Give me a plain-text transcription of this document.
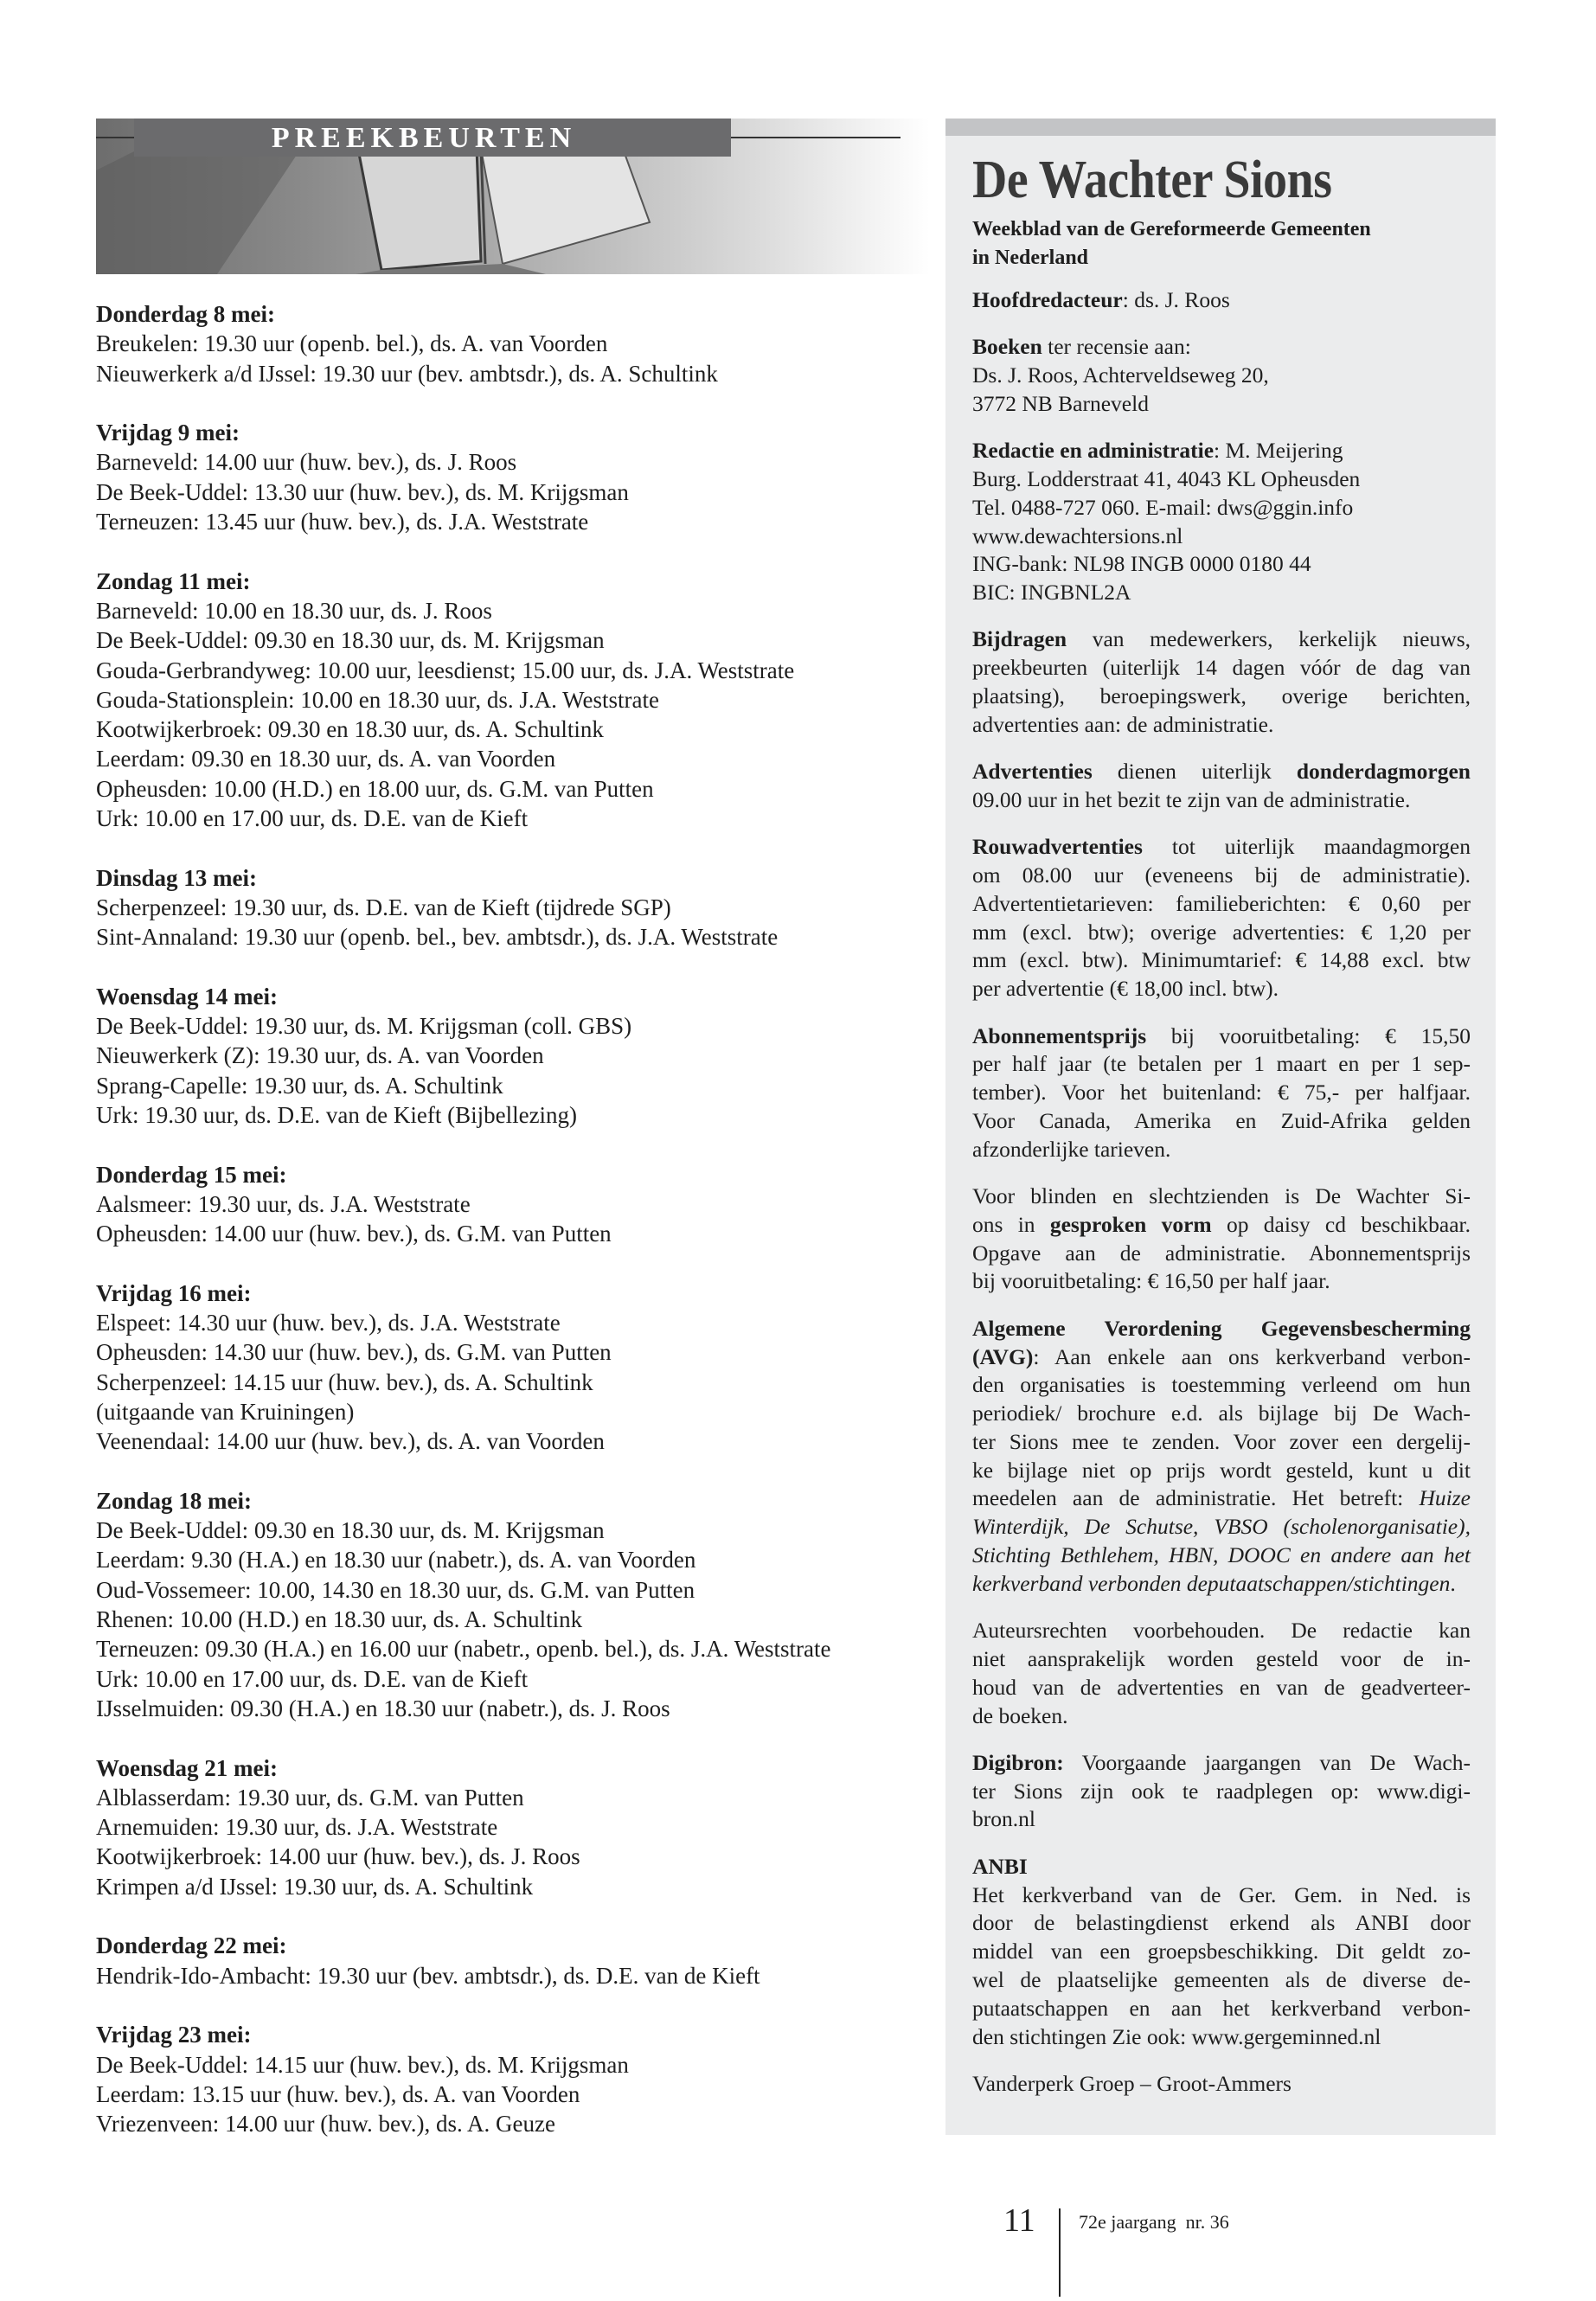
PREEKBEURTEN
Donderdag 8 mei:
Breukelen: 19.30 uur (openb. bel.), ds. A. van Voorden
Nieuwerkerk a/d IJssel: 19.30 uur (bev. ambtsdr.), ds. A. Schultink
Vrijdag 9 mei:
Barneveld: 14.00 uur (huw. bev.), ds. J. Roos
De Beek-Uddel: 13.30 uur (huw. bev.), ds. M. Krijgsman
Terneuzen: 13.45 uur (huw. bev.), ds. J.A. Weststrate
Zondag 11 mei:
Barneveld: 10.00 en 18.30 uur, ds. J. Roos
De Beek-Uddel: 09.30 en 18.30 uur, ds. M. Krijgsman
Gouda-Gerbrandyweg: 10.00 uur, leesdienst; 15.00 uur, ds. J.A. Weststrate
Gouda-Stationsplein: 10.00 en 18.30 uur, ds. J.A. Weststrate
Kootwijkerbroek: 09.30 en 18.30 uur, ds. A. Schultink
Leerdam: 09.30 en 18.30 uur, ds. A. van Voorden
Opheusden: 10.00 (H.D.) en 18.00 uur, ds. G.M. van Putten
Urk: 10.00 en 17.00 uur, ds. D.E. van de Kieft
Dinsdag 13 mei:
Scherpenzeel: 19.30 uur, ds. D.E. van de Kieft (tijdrede SGP)
Sint-Annaland: 19.30 uur (openb. bel., bev. ambtsdr.), ds. J.A. Weststrate
Woensdag 14 mei:
De Beek-Uddel: 19.30 uur, ds. M. Krijgsman (coll. GBS)
Nieuwerkerk (Z): 19.30 uur, ds. A. van Voorden
Sprang-Capelle: 19.30 uur, ds. A. Schultink
Urk: 19.30 uur, ds. D.E. van de Kieft (Bijbellezing)
Donderdag 15 mei:
Aalsmeer: 19.30 uur, ds. J.A. Weststrate
Opheusden: 14.00 uur (huw. bev.), ds. G.M. van Putten
Vrijdag 16 mei:
Elspeet: 14.30 uur (huw. bev.), ds. J.A. Weststrate
Opheusden: 14.30 uur (huw. bev.), ds. G.M. van Putten
Scherpenzeel: 14.15 uur (huw. bev.), ds. A. Schultink
(uitgaande van Kruiningen)
Veenendaal: 14.00 uur (huw. bev.), ds. A. van Voorden
Zondag 18 mei:
De Beek-Uddel: 09.30 en 18.30 uur, ds. M. Krijgsman
Leerdam: 9.30 (H.A.) en 18.30 uur (nabetr.), ds. A. van Voorden
Oud-Vossemeer: 10.00, 14.30 en 18.30 uur, ds. G.M. van Putten
Rhenen: 10.00 (H.D.) en 18.30 uur, ds. A. Schultink
Terneuzen: 09.30 (H.A.) en 16.00 uur (nabetr., openb. bel.), ds. J.A. Weststrate
Urk: 10.00 en 17.00 uur, ds. D.E. van de Kieft
IJsselmuiden: 09.30 (H.A.) en 18.30 uur (nabetr.), ds. J. Roos
Woensdag 21 mei:
Alblasserdam: 19.30 uur, ds. G.M. van Putten
Arnemuiden: 19.30 uur, ds. J.A. Weststrate
Kootwijkerbroek: 14.00 uur (huw. bev.), ds. J. Roos
Krimpen a/d IJssel: 19.30 uur, ds. A. Schultink
Donderdag 22 mei:
Hendrik-Ido-Ambacht: 19.30 uur (bev. ambtsdr.), ds. D.E. van de Kieft
Vrijdag 23 mei:
De Beek-Uddel: 14.15 uur (huw. bev.), ds. M. Krijgsman
Leerdam: 13.15 uur (huw. bev.), ds. A. van Voorden
Vriezenveen: 14.00 uur (huw. bev.), ds. A. Geuze
De Wachter Sions
Weekblad van de Gereformeerde Gemeenten
in Nederland
Hoofdredacteur: ds. J. Roos
Boeken ter recensie aan:
Ds. J. Roos, Achterveldseweg 20,
3772 NB Barneveld
Redactie en administratie: M. Meijering
Burg. Lodderstraat 41, 4043 KL Opheusden
Tel. 0488-727 060. E-mail: dws@ggin.info
www.dewachtersions.nl
ING-bank: NL98 INGB 0000 0180 44
BIC: INGBNL2A
Bijdragen van medewerkers, kerkelijk nieuws,
preekbeurten (uiterlijk 14 dagen vóór de dag van
plaatsing), beroepingswerk, overige berichten,
advertenties aan: de administratie.
Advertenties dienen uiterlijk donderdagmorgen
09.00 uur in het bezit te zijn van de administratie.
Rouwadvertenties tot uiterlijk maandagmorgen
om 08.00 uur (eveneens bij de administratie).
Advertentietarieven: familieberichten: € 0,60 per
mm (excl. btw); overige advertenties: € 1,20 per
mm (excl. btw). Minimumtarief: € 14,88 excl. btw
per advertentie (€ 18,00 incl. btw).
Abonnementsprijs bij vooruitbetaling: € 15,50
per half jaar (te betalen per 1 maart en per 1 sep-
tember). Voor het buitenland: € 75,- per halfjaar.
Voor Canada, Amerika en Zuid-Afrika gelden
afzonderlijke tarieven.
Voor blinden en slechtzienden is De Wachter Si-
ons in gesproken vorm op daisy cd beschikbaar.
Opgave aan de administratie. Abonnementsprijs
bij vooruitbetaling: € 16,50 per half jaar.
Algemene Verordening Gegevensbescherming
(AVG): Aan enkele aan ons kerkverband verbon-
den organisaties is toestemming verleend om hun
periodiek/ brochure e.d. als bijlage bij De Wach-
ter Sions mee te zenden. Voor zover een dergelij-
ke bijlage niet op prijs wordt gesteld, kunt u dit
meedelen aan de administratie. Het betreft: Huize
Winterdijk, De Schutse, VBSO (scholenorganisatie),
Stichting Bethlehem, HBN, DOOC en andere aan het
kerkverband verbonden deputaatschappen/stichtingen.
Auteursrechten voorbehouden. De redactie kan
niet aansprakelijk worden gesteld voor de in-
houd van de advertenties en van de geadverteer-
de boeken.
Digibron: Voorgaande jaargangen van De Wach-
ter Sions zijn ook te raadplegen op: www.digi-
bron.nl
ANBI
Het kerkverband van de Ger. Gem. in Ned. is
door de belastingdienst erkend als ANBI door
middel van een groepsbeschikking. Dit geldt zo-
wel de plaatselijke gemeenten als de diverse de-
putaatschappen en aan het kerkverband verbon-
den stichtingen Zie ook: www.gergeminned.nl
Vanderperk Groep – Groot-Ammers
11 72e jaargang  nr. 36
